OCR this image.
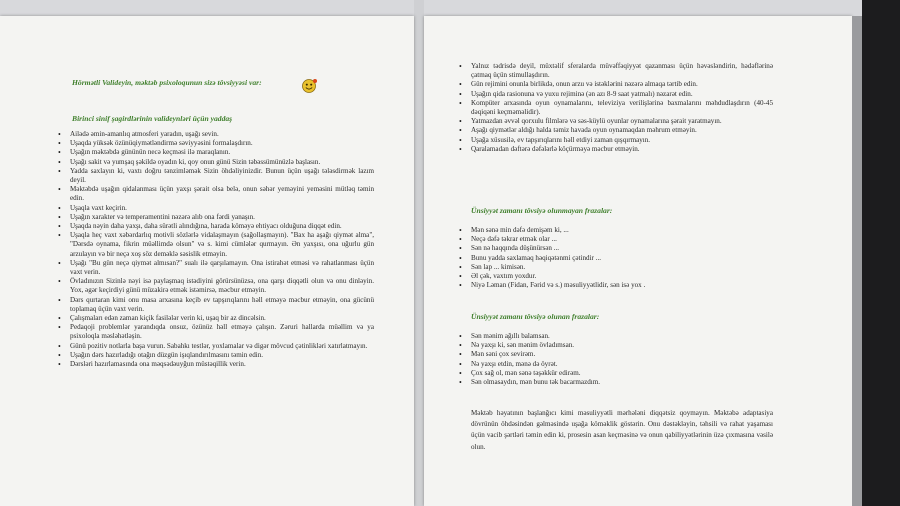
Hörmətli Valideyin, məktəb psixoloqunun sizə tövsiyyəsi var:
Birinci sinif şagirdlərinin valideynləri üçün yaddaş
• Ailədə əmin-amanlıq atmosferi yaradın, uşağı sevin.
• Uşaqda yüksək özünüqiymətləndirmə səviyyəsini formalaşdırın.
• Uşağın məktəbdə gününün necə keçməsi ilə maraqlanın.
• Uşağı sakit və yumşaq şəkildə oyadın ki, qoy onun günü Sizin təbəssümünüzlə başlasın.
• Yadda saxlayın ki, vaxtı doğru tənzimləmək Sizin öhdəliyinizdir. Bunun üçün uşağı tələsdirmək lazım deyil.
• Məktəbdə uşağın qidalanması üçün yaxşı şərait olsa belə, onun səhər yeməyini yeməsini mütləq təmin edin.
• Uşaqla vaxt keçirin.
• Uşağın xarakter və temperamentini nəzərə alıb ona fərdi yanaşın.
• Uşaqda nəyin daha yaxşı, daha sürətli alındığına, harada köməyə ehtiyacı olduğuna diqqət edin.
• Uşaqla heç vaxt xəbərdarlıq motivli sözlərlə vidalaşmayın (sağollaşmayın). "Bax ha aşağı qiymət alma", "Dərsdə oynama, fikrin müəllimdə olsun" və s. kimi cümlələr qurmayın. Ən yaxşısı, ona uğurlu gün arzulayın və bir neçə xoş söz deməklə səsislik etməyin.
• Uşağı "Bu gün neçə qiymət almısan?" sualı ilə qarşılamayın. Ona istirahət etməsi və rahatlanması üçün vaxt verin.
• Övladınızın Sizinlə nəyi isə paylaşmaq istədiyini görürsünüzsə, ona qarşı diqqətli olun və onu dinləyin. Yox, əgər keçirdiyi günü müzakirə etmək istəmirsə, məcbur etməyin.
• Dərs qurtaran kimi onu masa arxasına keçib ev tapşırıqlarını həll etməyə məcbur etməyin, ona gücünü toplamaq üçün vaxt verin.
• Çalışmaları edən zaman kiçik fasilələr verin ki, uşaq bir az dincəlsin.
• Pedaqoji problemlər yarandıqda onsuz, özünüz həll etməyə çalışın. Zəruri hallarda müəllim və ya psixoloqla məsləhətləşin.
• Günü pozitiv notlarla başa vurun. Sabahkı testlər, yoxlamalar və digər mövcud çətinlikləri xatırlatmayın.
• Uşağın dərs hazırladığı otağın düzgün işıqlandırılmasını təmin edin.
• Dərsləri hazırlamasında ona məqsədəuyğun müstəqillik verin.
• Yalnız tədrisdə deyil, müxtəlif sferalarda müvəffəqiyyət qazanması üçün həvəsləndirin, hədəflərinə çatmaq üçün stimullaşdırın.
• Gün rejimini onunla birlikdə, onun arzu və istəklərini nəzərə almaqa tərtib edin.
• Uşağın qida rasionuna və yuxu rejiminə (ən azı 8-9 saat yatmalı) nəzarət edin.
• Kompüter arxasında oyun oynamalarını, televiziya verilişlərinə baxmalarını məhdudlaşdırın (40-45 dəqiqəni keçməməlidir).
• Yatmazdan əvvəl qorxulu filmlərə və səs-küylü oyunlar oynamalarına şərait yaratmayın.
• Aşağı qiymətlər aldığı halda təmiz havada oyun oynamaqdan məhrum etməyin.
• Uşağa xüsusilə, ev tapşırıqlarını həll etdiyi zaman qışqırmayın.
• Qaralamadan dəftərə dəfələrlə köçürməyə məcbur etməyin.
Ünsiyyət zamanı tövsiyə olunmayan frazalar:
• Mən sənə min dəfə demişəm ki, ...
• Neçə dəfə təkrar etmək olar ...
• Sən nə haqqında düşünürsən ...
• Bunu yadda saxlamaq həqiqətənmi çətindir ...
• Sən lap ... kimisən.
• Əl çək, vaxtım yoxdur.
• Niyə Ləman (Fidan, Fərid və s.) məsuliyyətlidir, sən isə yox .
Ünsiyyət zamanı tövsiyə olunan frazalar:
• Sən mənim ağıllı balamsan.
• Nə yaxşı ki, sən mənim övladımsan.
• Mən səni çox sevirəm.
• Nə yaxşı etdin, mənə də öyrət.
• Çox sağ ol, mən sənə təşəkkür edirəm.
• Sən olmasaydın, mən bunu tək bacarmazdım.
Məktəb həyatının başlanğıcı kimi məsuliyyətli mərhələni diqqətsiz qoymayın. Məktəbə adaptasiya dövrünün öhdəsindən gəlməsində uşağa köməklik göstərin. Onu dəstəkləyin, təhsili və rahat yaşaması üçün vacib şərtləri təmin edin ki, prosesin asan keçməsinə və onun qabiliyyətlərinin üzə çıxmasına vəsilə olun.
